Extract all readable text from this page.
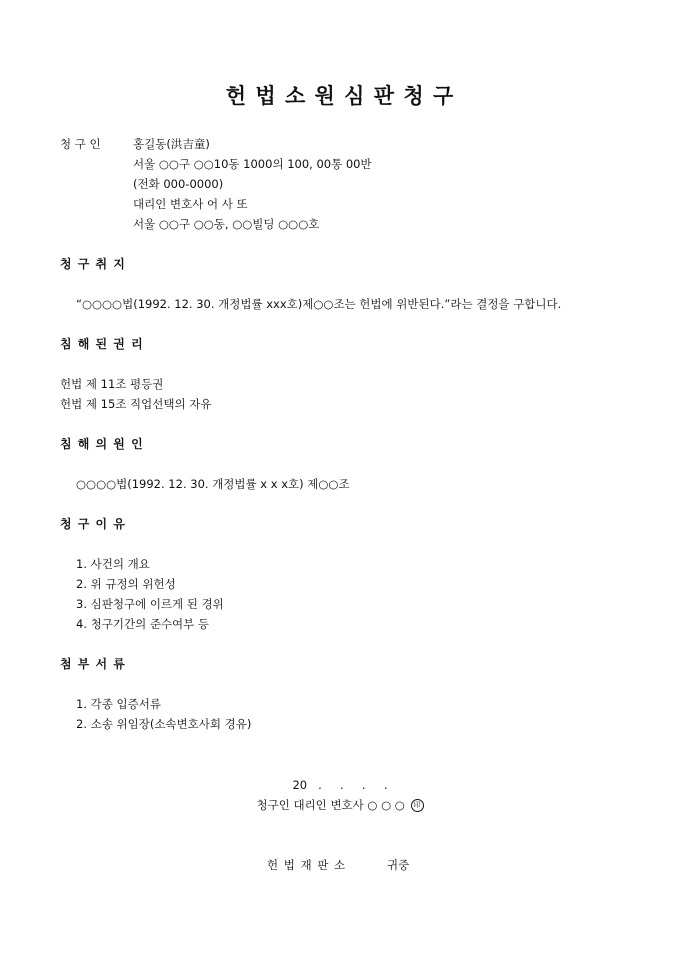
헌 법 소 원 심 판 청 구
청 구 인	홍길동(洪吉童)
서울 ○○구 ○○10동 1000의 100, 00통 00반
(전화 000-0000)
대리인 변호사 어 사 또
서울 ○○구 ○○동, ○○빌딩 ○○○호
청 구 취 지
“○○○○법(1992. 12. 30. 개정법률 xxx호)제○○조는 헌법에 위반된다.”라는 결정을 구합니다.
침 해 된 권 리
헌법 제 11조 평등권
헌법 제 15조 직업선택의 자유
침 해 의 원 인
○○○○법(1992. 12. 30. 개정법률 x x x호) 제○○조
청 구 이 유
1. 사건의 개요
2. 위 규정의 위헌성
3. 심판청구에 이르게 된 경위
4. 청구기간의 준수여부 등
첨 부 서 류
1. 각종 입증서류
2. 소송 위임장(소속변호사회 경유)
20   .     .     .     .
청구인 대리인 변호사 ○ ○ ○ 印
헌 법 재 판 소	귀중
